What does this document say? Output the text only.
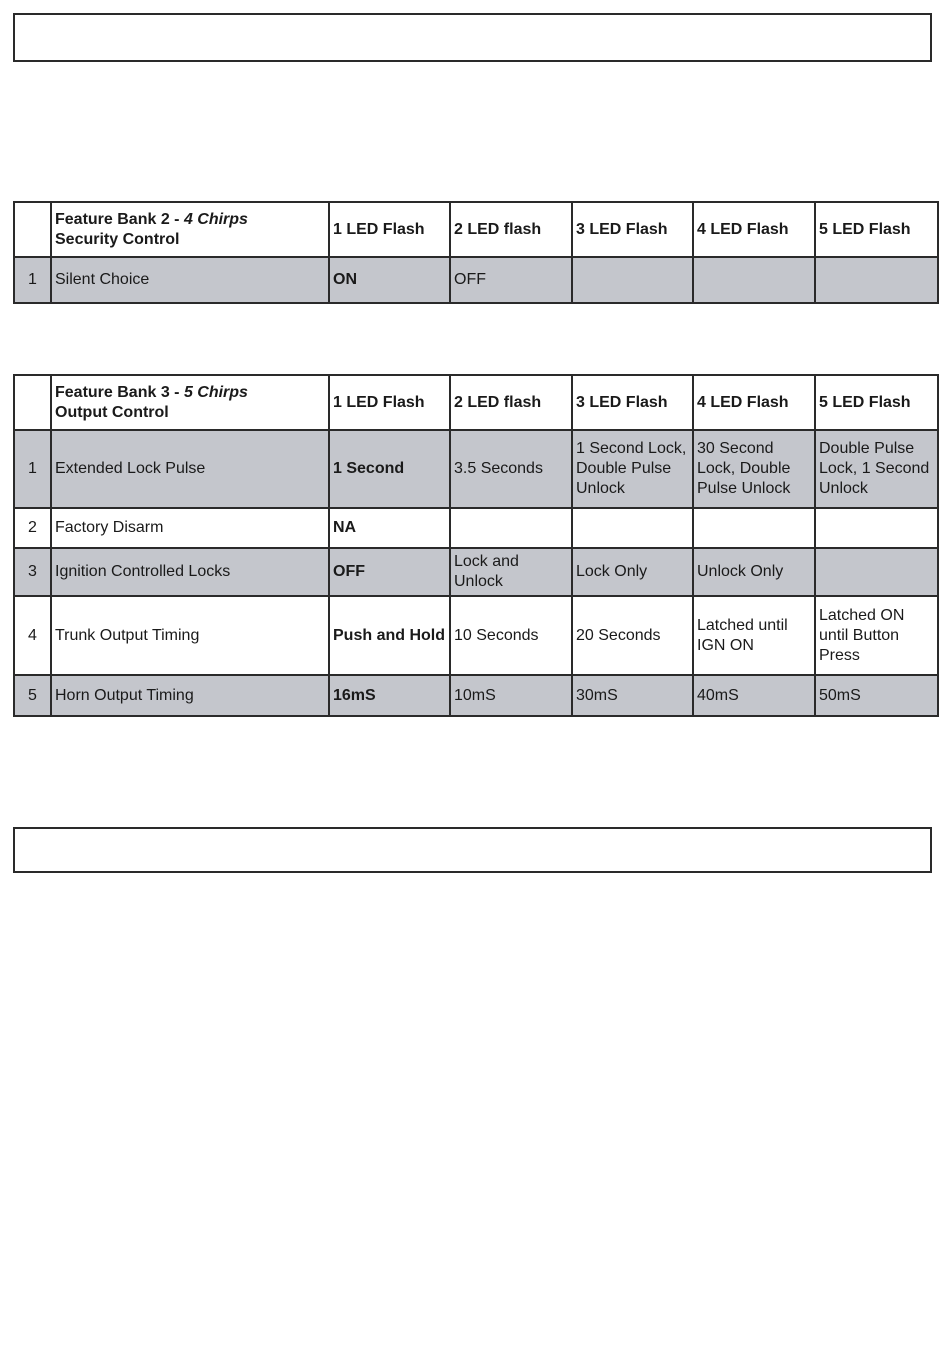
	Feature Bank 2 - 4 Chirps
Security Control	1 LED Flash	2 LED flash	3 LED Flash	4 LED Flash	5 LED Flash
1	Silent Choice	ON	OFF			
	Feature Bank 3 - 5 Chirps
Output Control	1 LED Flash	2 LED flash	3 LED Flash	4 LED Flash	5 LED Flash
1	Extended Lock Pulse	1 Second	3.5 Seconds	1 Second Lock,
Double Pulse
Unlock	30 Second
Lock, Double
Pulse Unlock	Double Pulse
Lock, 1 Second
Unlock
2	Factory Disarm	NA				
3	Ignition Controlled Locks	OFF	Lock and
Unlock	Lock Only	Unlock Only	
4	Trunk Output Timing	Push and Hold	10 Seconds	20 Seconds	Latched until
IGN ON	Latched ON
until Button
Press
5	Horn Output Timing	16mS	10mS	30mS	40mS	50mS
